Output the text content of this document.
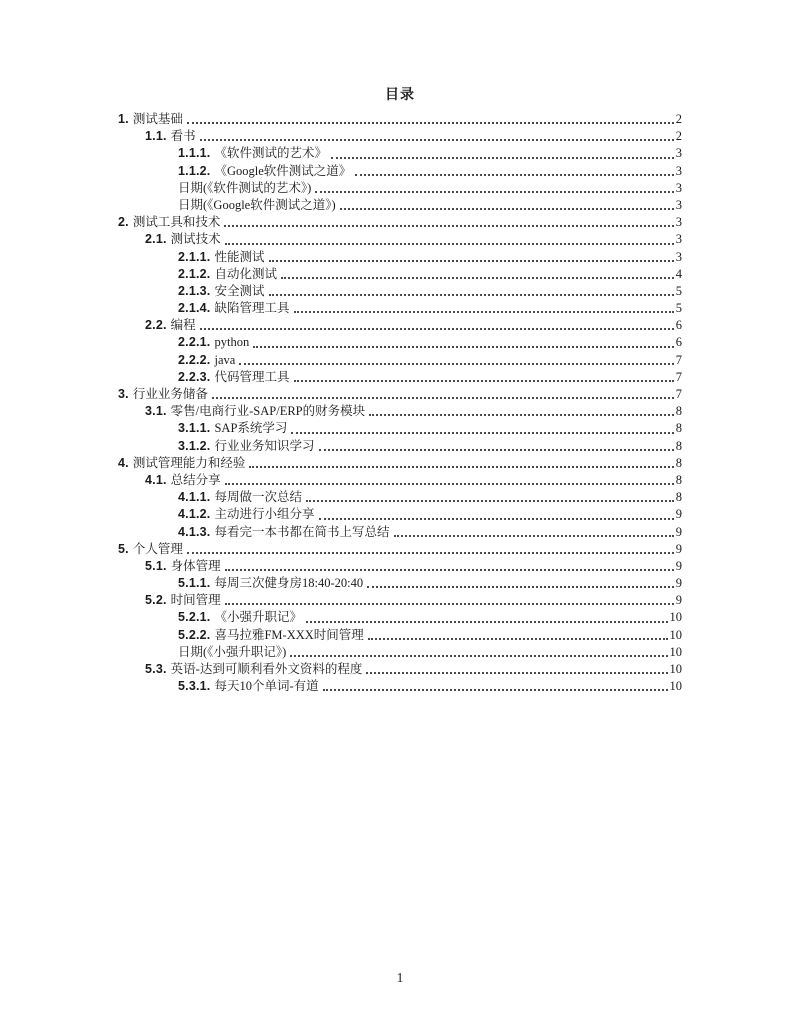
目录
1. 测试基础	2
1.1. 看书	2
1.1.1. 《软件测试的艺术》	3
1.1.2. 《Google软件测试之道》	3
日期(《软件测试的艺术》)	3
日期(《Google软件测试之道》)	3
2. 测试工具和技术	3
2.1. 测试技术	3
2.1.1. 性能测试	3
2.1.2. 自动化测试	4
2.1.3. 安全测试	5
2.1.4. 缺陷管理工具	5
2.2. 编程	6
2.2.1. python	6
2.2.2. java	7
2.2.3. 代码管理工具	7
3. 行业业务储备	7
3.1. 零售/电商行业-SAP/ERP的财务模块	8
3.1.1. SAP系统学习	8
3.1.2. 行业业务知识学习	8
4. 测试管理能力和经验	8
4.1. 总结分享	8
4.1.1. 每周做一次总结	8
4.1.2. 主动进行小组分享	9
4.1.3. 每看完一本书都在简书上写总结	9
5. 个人管理	9
5.1. 身体管理	9
5.1.1. 每周三次健身房18:40-20:40	9
5.2. 时间管理	9
5.2.1. 《小强升职记》	10
5.2.2. 喜马拉雅FM-XXX时间管理	10
日期(《小强升职记》)	10
5.3. 英语-达到可顺利看外文资料的程度	10
5.3.1. 每天10个单词-有道	10
1
